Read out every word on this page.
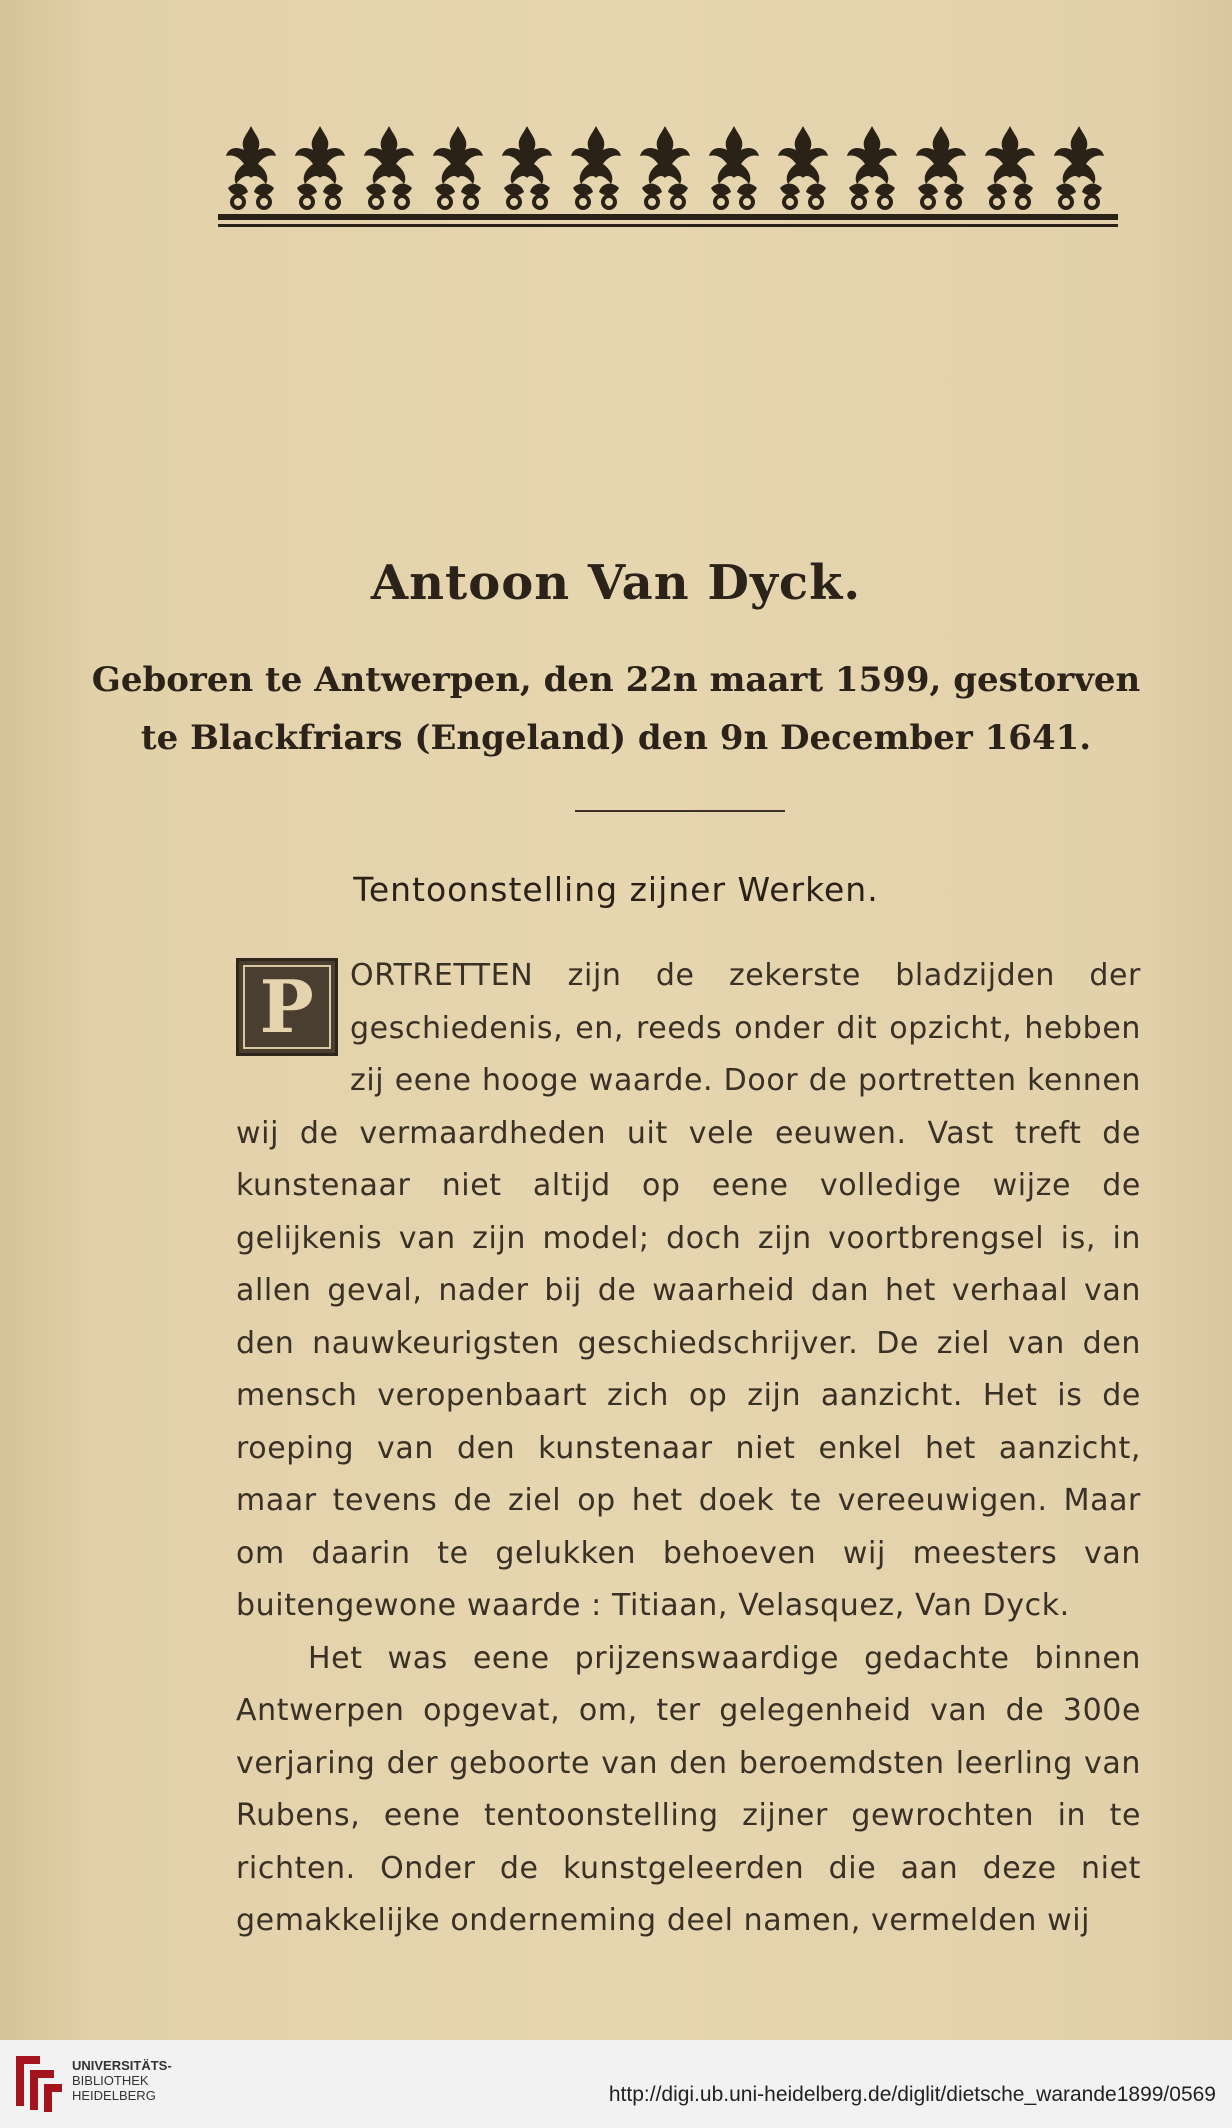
Antoon Van Dyck.
Geboren te Antwerpen, den 22n maart 1599, gestorven
te Blackfriars (Engeland) den 9n December 1641.
Tentoonstelling zijner Werken.
P	ORTRETTEN zijn de zekerste bladzijden der geschiedenis, en, reeds onder dit opzicht, hebben zij eene hooge waarde. Door de portretten kennen wij de vermaardheden uit vele eeuwen. Vast treft de kunstenaar niet altijd op eene volledige wijze de gelijkenis van zijn model; doch zijn voortbrengsel is, in allen geval, nader bij de waarheid dan het verhaal van den nauwkeurigsten geschiedschrijver. De ziel van den mensch veropenbaart zich op zijn aanzicht. Het is de roeping van den kunstenaar niet enkel het aanzicht, maar tevens de ziel op het doek te vereeuwigen. Maar om daarin te gelukken behoeven wij meesters van buitengewone waarde : Titiaan, Velasquez, Van Dyck.
Het was eene prijzenswaardige gedachte binnen Antwerpen opgevat, om, ter gelegenheid van de 300e verjaring der geboorte van den beroemdsten leerling van Rubens, eene tentoonstelling zijner gewrochten in te richten. Onder de kunstgeleerden die aan deze niet gemakkelijke onderneming deel namen, vermelden wij
UNIVERSITÄTS-
BIBLIOTHEK
HEIDELBERG	http://digi.ub.uni-heidelberg.de/diglit/dietsche_warande1899/0569
